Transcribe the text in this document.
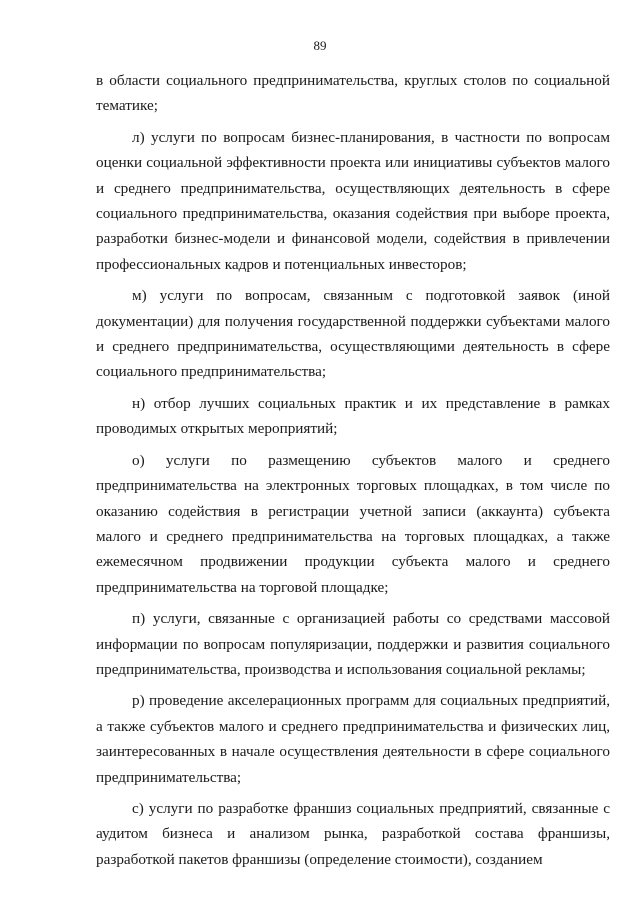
89

в области социального предпринимательства, круглых столов по социальной тематике;

л) услуги по вопросам бизнес-планирования, в частности по вопросам оценки социальной эффективности проекта или инициативы субъектов малого и среднего предпринимательства, осуществляющих деятельность в сфере социального предпринимательства, оказания содействия при выборе проекта, разработки бизнес-модели и финансовой модели, содействия в привлечении профессиональных кадров и потенциальных инвесторов;

м) услуги по вопросам, связанным с подготовкой заявок (иной документации) для получения государственной поддержки субъектами малого и среднего предпринимательства, осуществляющими деятельность в сфере социального предпринимательства;

н) отбор лучших социальных практик и их представление в рамках проводимых открытых мероприятий;

о) услуги по размещению субъектов малого и среднего предпринимательства на электронных торговых площадках, в том числе по оказанию содействия в регистрации учетной записи (аккаунта) субъекта малого и среднего предпринимательства на торговых площадках, а также ежемесячном продвижении продукции субъекта малого и среднего предпринимательства на торговой площадке;

п) услуги, связанные с организацией работы со средствами массовой информации по вопросам популяризации, поддержки и развития социального предпринимательства, производства и использования социальной рекламы;

р) проведение акселерационных программ для социальных предприятий, а также субъектов малого и среднего предпринимательства и физических лиц, заинтересованных в начале осуществления деятельности в сфере социального предпринимательства;

с) услуги по разработке франшиз социальных предприятий, связанные с аудитом бизнеса и анализом рынка, разработкой состава франшизы, разработкой пакетов франшизы (определение стоимости), созданием
